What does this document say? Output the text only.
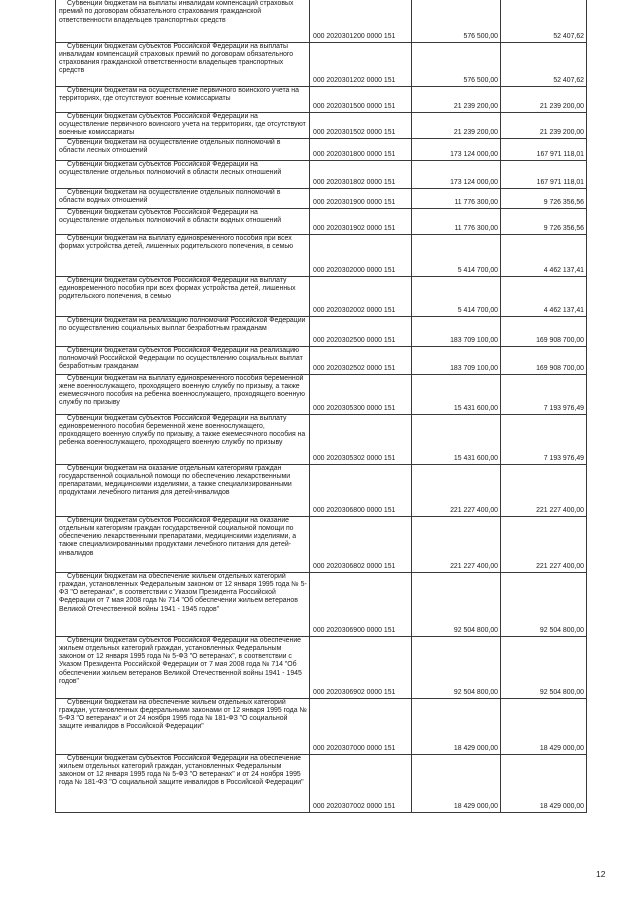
Субвенции бюджетам на выплаты инвалидам компенсаций страховых премий по договорам обязательного страхования гражданской ответственности владельцев транспортных средств	000 2020301200 0000 151	576 500,00	52 407,62
Субвенции бюджетам субъектов Российской Федерации на выплаты инвалидам компенсаций страховых премий по договорам обязательного страхования гражданской ответственности владельцев транспортных средств	000 2020301202 0000 151	576 500,00	52 407,62
Субвенции бюджетам на осуществление первичного воинского учета на территориях, где отсутствуют военные комиссариаты	000 2020301500 0000 151	21 239 200,00	21 239 200,00
Субвенции бюджетам субъектов Российской Федерации на осуществление первичного воинского учета на территориях, где отсутствуют военные комиссариаты	000 2020301502 0000 151	21 239 200,00	21 239 200,00
Субвенции бюджетам на осуществление отдельных полномочий в области лесных отношений	000 2020301800 0000 151	173 124 000,00	167 971 118,01
Субвенции бюджетам субъектов Российской Федерации на осуществление отдельных полномочий в области лесных отношений	000 2020301802 0000 151	173 124 000,00	167 971 118,01
Субвенции бюджетам на осуществление отдельных полномочий в области водных отношений	000 2020301900 0000 151	11 776 300,00	9 726 356,56
Субвенции бюджетам субъектов Российской Федерации на осуществление отдельных полномочий в области водных отношений	000 2020301902 0000 151	11 776 300,00	9 726 356,56
Субвенции бюджетам на выплату единовременного пособия при всех формах устройства детей, лишенных родительского попечения, в семью	000 2020302000 0000 151	5 414 700,00	4 462 137,41
Субвенции бюджетам субъектов Российской Федерации на выплату единовременного пособия при всех формах устройства детей, лишенных родительского попечения, в семью	000 2020302002 0000 151	5 414 700,00	4 462 137,41
Субвенции бюджетам на реализацию полномочий Российской Федерации по осуществлению социальных выплат безработным гражданам	000 2020302500 0000 151	183 709 100,00	169 908 700,00
Субвенции бюджетам субъектов Российской Федерации на реализацию полномочий Российской Федерации по осуществлению социальных выплат безработным гражданам	000 2020302502 0000 151	183 709 100,00	169 908 700,00
Субвенции бюджетам на выплату единовременного пособия беременной жене военнослужащего, проходящего военную службу по призыву, а также ежемесячного пособия на ребенка военнослужащего, проходящего военную службу по призыву	000 2020305300 0000 151	15 431 600,00	7 193 976,49
Субвенции бюджетам субъектов Российской Федерации на выплату единовременного пособия беременной жене военнослужащего, проходящего военную службу по призыву, а также ежемесячного пособия на ребенка военнослужащего, проходящего военную службу по призыву	000 2020305302 0000 151	15 431 600,00	7 193 976,49
Субвенции бюджетам на оказание отдельным категориям граждан государственной социальной помощи по обеспечению лекарственными препаратами, медицинскими изделиями, а также специализированными продуктами лечебного питания для детей-инвалидов	000 2020306800 0000 151	221 227 400,00	221 227 400,00
Субвенции бюджетам субъектов Российской Федерации на оказание отдельным категориям граждан государственной социальной помощи по обеспечению лекарственными препаратами, медицинскими изделиями, а также специализированными продуктами лечебного питания для детей-инвалидов	000 2020306802 0000 151	221 227 400,00	221 227 400,00
Субвенции бюджетам на обеспечение жильем отдельных категорий граждан, установленных Федеральным законом от 12 января 1995 года № 5-ФЗ "О ветеранах", в соответствии с Указом Президента Российской Федерации от 7 мая 2008 года № 714 "Об обеспечении жильем ветеранов Великой Отечественной войны 1941 - 1945 годов"	000 2020306900 0000 151	92 504 800,00	92 504 800,00
Субвенции бюджетам субъектов Российской Федерации на обеспечение жильем отдельных категорий граждан, установленных Федеральным законом от 12 января 1995 года № 5-ФЗ "О ветеранах", в соответствии с Указом Президента Российской Федерации от 7 мая 2008 года № 714 "Об обеспечении жильем ветеранов Великой Отечественной войны 1941 - 1945 годов"	000 2020306902 0000 151	92 504 800,00	92 504 800,00
Субвенции бюджетам на обеспечение жильем отдельных категорий граждан, установленных федеральными законами от 12 января 1995 года № 5-ФЗ "О ветеранах" и от 24 ноября 1995 года № 181-ФЗ "О социальной защите инвалидов в Российской Федерации"	000 2020307000 0000 151	18 429 000,00	18 429 000,00
Субвенции бюджетам субъектов Российской Федерации на обеспечение жильем отдельных категорий граждан, установленных Федеральным законом от 12 января 1995 года № 5-ФЗ "О ветеранах" и от 24 ноября 1995 года № 181-ФЗ "О социальной защите инвалидов в Российской Федерации"	000 2020307002 0000 151	18 429 000,00	18 429 000,00
12
